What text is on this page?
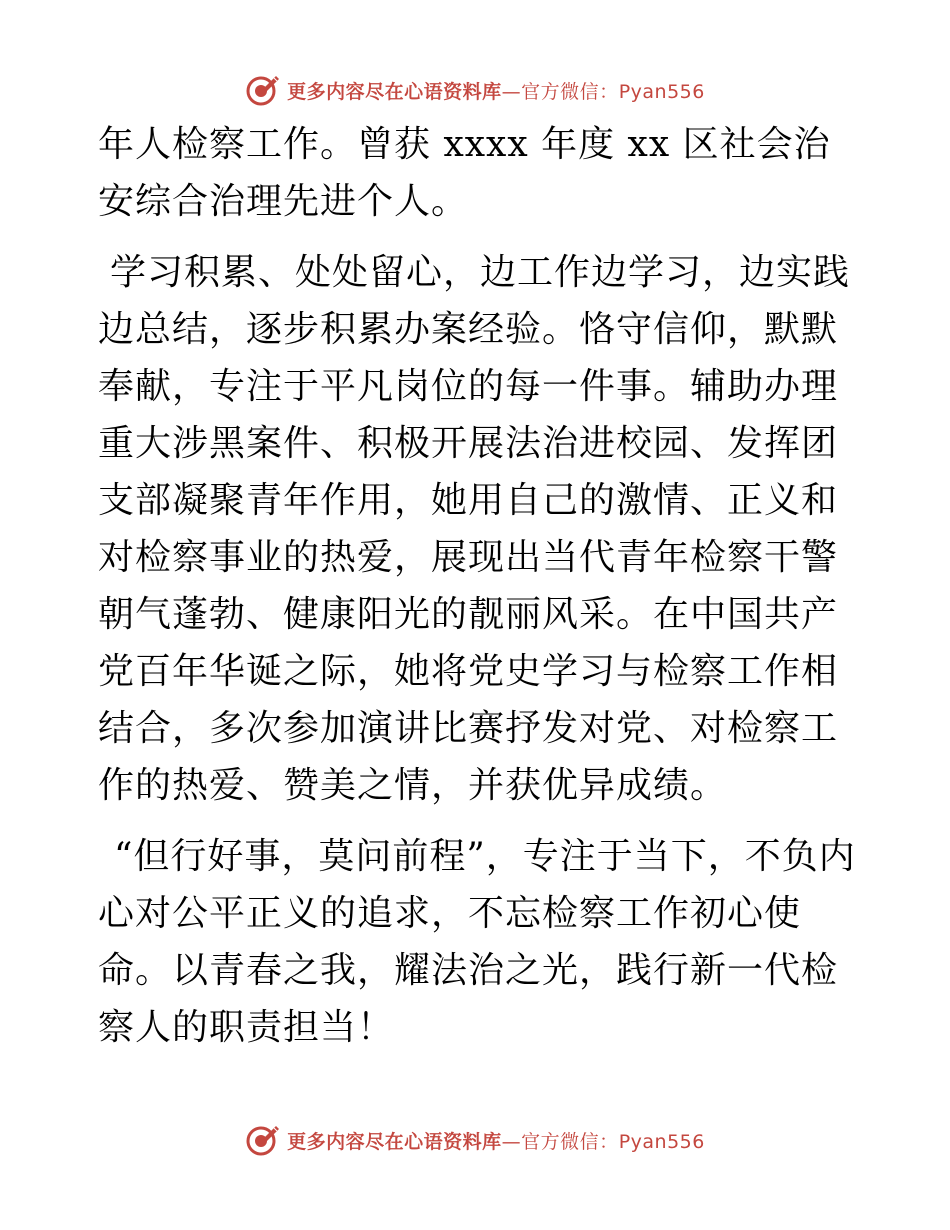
更多内容尽在心语资料库—官方微信：Pyan556

年人检察工作。曾获 xxxx 年度 xx 区社会治安综合治理先进个人。

学习积累、处处留心，边工作边学习，边实践边总结，逐步积累办案经验。恪守信仰，默默奉献，专注于平凡岗位的每一件事。辅助办理重大涉黑案件、积极开展法治进校园、发挥团支部凝聚青年作用，她用自己的激情、正义和对检察事业的热爱，展现出当代青年检察干警朝气蓬勃、健康阳光的靓丽风采。在中国共产党百年华诞之际，她将党史学习与检察工作相结合，多次参加演讲比赛抒发对党、对检察工作的热爱、赞美之情，并获优异成绩。

“但行好事，莫问前程”，专注于当下，不负内心对公平正义的追求，不忘检察工作初心使命。以青春之我，耀法治之光，践行新一代检察人的职责担当！

更多内容尽在心语资料库—官方微信：Pyan556
